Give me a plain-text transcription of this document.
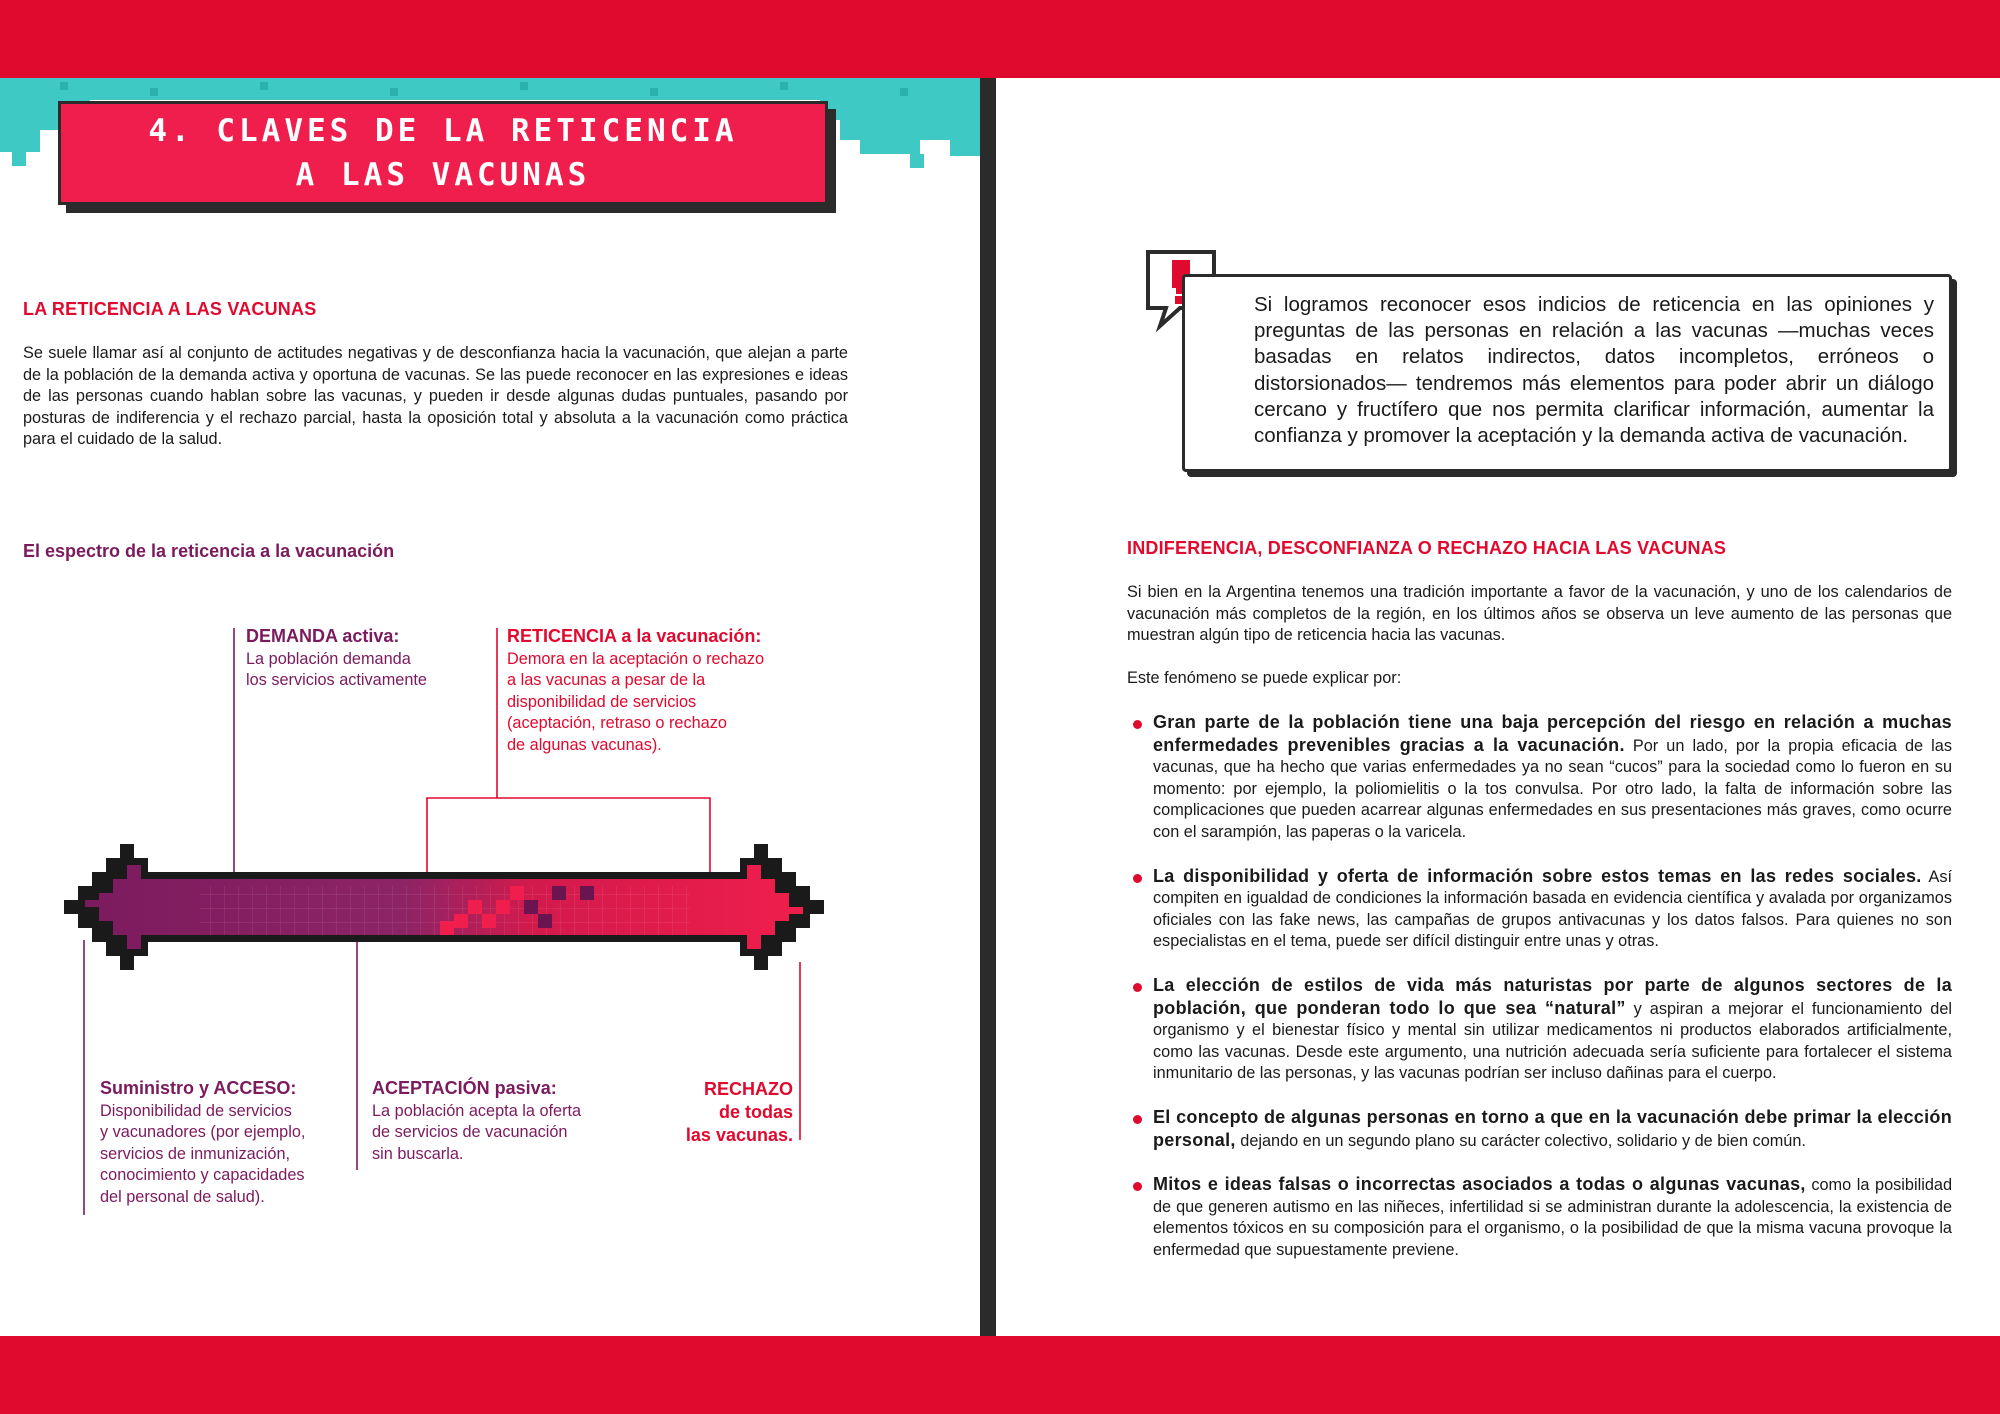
4. CLAVES DE LA RETICENCIA
A LAS VACUNAS
LA RETICENCIA A LAS VACUNAS
Se suele llamar así al conjunto de actitudes negativas y de desconfianza hacia la vacunación, que alejan a parte de la población de la demanda activa y oportuna de vacunas. Se las puede reconocer en las expresiones e ideas de las personas cuando hablan sobre las vacunas, y pueden ir desde algunas dudas puntuales, pasando por posturas de indiferencia y el rechazo parcial, hasta la oposición total y absoluta a la vacunación como práctica para el cuidado de la salud.
El espectro de la reticencia a la vacunación
DEMANDA activa:
La población demanda
los servicios activamente
RETICENCIA a la vacunación:
Demora en la aceptación o rechazo
a las vacunas a pesar de la
disponibilidad de servicios
(aceptación, retraso o rechazo
de algunas vacunas).
Suministro y ACCESO:
Disponibilidad de servicios
y vacunadores (por ejemplo,
servicios de inmunización,
conocimiento y capacidades
del personal de salud).
ACEPTACIÓN pasiva:
La población acepta la oferta
de servicios de vacunación
sin buscarla.
RECHAZO
de todas
las vacunas.
Si logramos reconocer esos indicios de reticencia en las opiniones y preguntas de las personas en relación a las vacunas —muchas veces basadas en relatos indirectos, datos incompletos, erróneos o distorsionados— tendremos más elementos para poder abrir un diálogo cercano y fructífero que nos permita clarificar información, aumentar la confianza y promover la aceptación y la demanda activa de vacunación.
INDIFERENCIA, DESCONFIANZA O RECHAZO HACIA LAS VACUNAS
Si bien en la Argentina tenemos una tradición importante a favor de la vacunación, y uno de los calendarios de vacunación más completos de la región, en los últimos años se observa un leve aumento de las personas que muestran algún tipo de reticencia hacia las vacunas.
Este fenómeno se puede explicar por:
Gran parte de la población tiene una baja percepción del riesgo en relación a muchas enfermedades prevenibles gracias a la vacunación. Por un lado, por la propia eficacia de las vacunas, que ha hecho que varias enfermedades ya no sean “cucos” para la sociedad como lo fueron en su momento: por ejemplo, la poliomielitis o la tos convulsa. Por otro lado, la falta de información sobre las complicaciones que pueden acarrear algunas enfermedades en sus presentaciones más graves, como ocurre con el sarampión, las paperas o la varicela.
La disponibilidad y oferta de información sobre estos temas en las redes sociales. Así compiten en igualdad de condiciones la información basada en evidencia científica y avalada por organizamos oficiales con las fake news, las campañas de grupos antivacunas y los datos falsos. Para quienes no son especialistas en el tema, puede ser difícil distinguir entre unas y otras.
La elección de estilos de vida más naturistas por parte de algunos sectores de la población, que ponderan todo lo que sea “natural” y aspiran a mejorar el funcionamiento del organismo y el bienestar físico y mental sin utilizar medicamentos ni productos elaborados artificialmente, como las vacunas. Desde este argumento, una nutrición adecuada sería suficiente para fortalecer el sistema inmunitario de las personas, y las vacunas podrían ser incluso dañinas para el cuerpo.
El concepto de algunas personas en torno a que en la vacunación debe primar la elección personal, dejando en un segundo plano su carácter colectivo, solidario y de bien común.
Mitos e ideas falsas o incorrectas asociados a todas o algunas vacunas, como la posibilidad de que generen autismo en las niñeces, infertilidad si se administran durante la adolescencia, la existencia de elementos tóxicos en su composición para el organismo, o la posibilidad de que la misma vacuna provoque la enfermedad que supuestamente previene.
